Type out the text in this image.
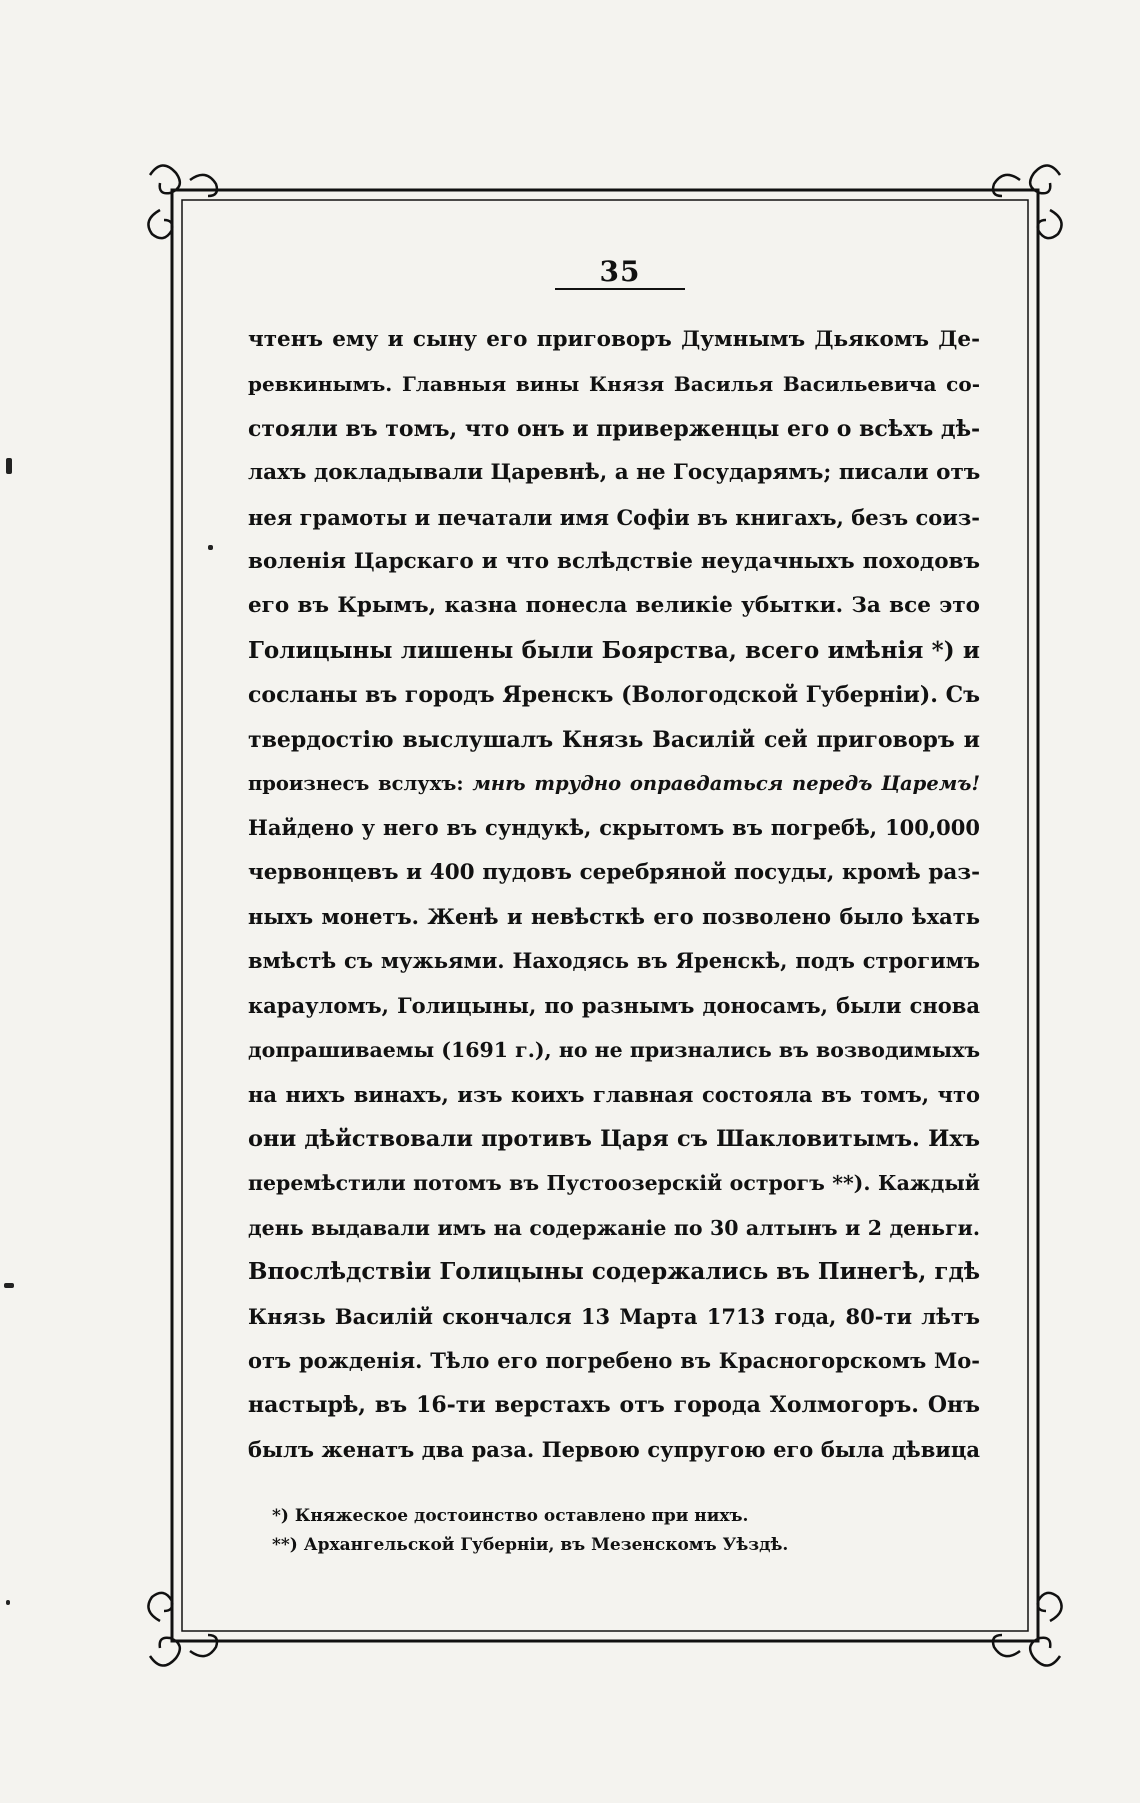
35
чтенъ ему и сыну его приговоръ Думнымъ Дьякомъ Де-
ревкинымъ. Главныя вины Князя Василья Васильевича со-
стояли въ томъ, что онъ и приверженцы его о всѣхъ дѣ-
лахъ докладывали Царевнѣ, а не Государямъ; писали отъ
нея грамоты и печатали имя Софіи въ книгахъ, безъ соиз-
воленія Царскаго и что вслѣдствіе неудачныхъ походовъ
его въ Крымъ, казна понесла великіе убытки. За все это
Голицыны лишены были Боярства, всего имѣнія *) и
сосланы въ городъ Яренскъ (Вологодской Губерніи). Съ
твердостію выслушалъ Князь Василій сей приговоръ и
произнесъ вслухъ: мнѣ трудно оправдаться передъ Царемъ!
Найдено у него въ сундукѣ, скрытомъ въ погребѣ, 100,000
червонцевъ и 400 пудовъ серебряной посуды, кромѣ раз-
ныхъ монетъ. Женѣ и невѣсткѣ его позволено было ѣхать
вмѣстѣ съ мужьями. Находясь въ Яренскѣ, подъ строгимъ
карауломъ, Голицыны, по разнымъ доносамъ, были снова
допрашиваемы (1691 г.), но не признались въ возводимыхъ
на нихъ винахъ, изъ коихъ главная состояла въ томъ, что
они дѣйствовали противъ Царя съ Шакловитымъ. Ихъ
перемѣстили потомъ въ Пустоозерскій острогъ **). Каждый
день выдавали имъ на содержаніе по 30 алтынъ и 2 деньги.
Впослѣдствіи Голицыны содержались въ Пинегѣ, гдѣ
Князь Василій скончался 13 Марта 1713 года, 80-ти лѣтъ
отъ рожденія. Тѣло его погребено въ Красногорскомъ Мо-
настырѣ, въ 16-ти верстахъ отъ города Холмогоръ. Онъ
былъ женатъ два раза. Первою супругою его была дѣвица
*) Княжеское достоинство оставлено при нихъ.
**) Архангельской Губерніи, въ Мезенскомъ Уѣздѣ.
